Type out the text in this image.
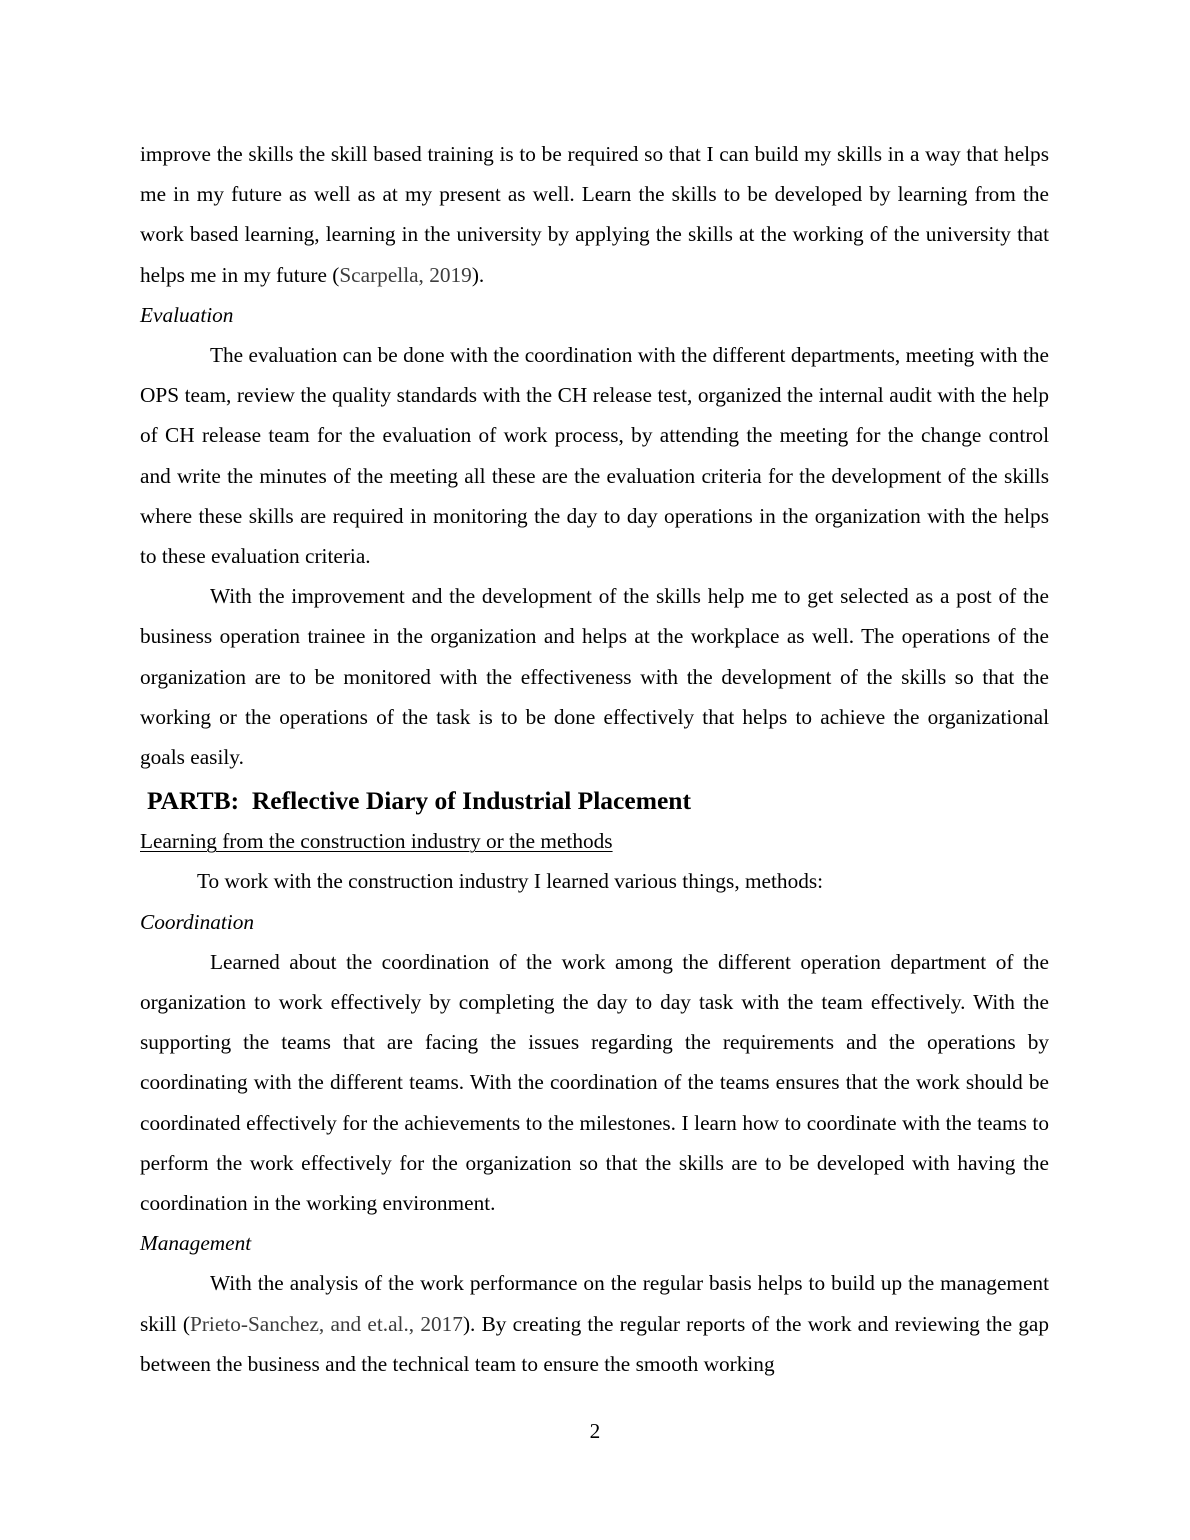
improve the skills the skill based training is to be required so that I can build my skills in a way that helps me in my future as well as at my present as well. Learn the skills to be developed by learning from the work based learning, learning in the university by applying the skills at the working of the university that helps me in my future (Scarpella, 2019).

Evaluation

The evaluation can be done with the coordination with the different departments, meeting with the OPS team, review the quality standards with the CH release test, organized the internal audit with the help of CH release team for the evaluation of work process, by attending the meeting for the change control and write the minutes of the meeting all these are the evaluation criteria for the development of the skills where these skills are required in monitoring the day to day operations in the organization with the helps to these evaluation criteria.

With the improvement and the development of the skills help me to get selected as a post of the business operation trainee in the organization and helps at the workplace as well. The operations of the organization are to be monitored with the effectiveness with the development of the skills so that the working or the operations of the task is to be done effectively that helps to achieve the organizational goals easily.

PARTB:  Reflective Diary of Industrial Placement

Learning from the construction industry or the methods

To work with the construction industry I learned various things, methods:

Coordination

Learned about the coordination of the work among the different operation department of the organization to work effectively by completing the day to day task with the team effectively. With the supporting the teams that are facing the issues regarding the requirements and the operations by coordinating with the different teams. With the coordination of the teams ensures that the work should be coordinated effectively for the achievements to the milestones. I learn how to coordinate with the teams to perform the work effectively for the organization so that the skills are to be developed with having the coordination in the working environment.

Management

With the analysis of the work performance on the regular basis helps to build up the management skill (Prieto-Sanchez, and et.al., 2017). By creating the regular reports of the work and reviewing the gap between the business and the technical team to ensure the smooth working

2
